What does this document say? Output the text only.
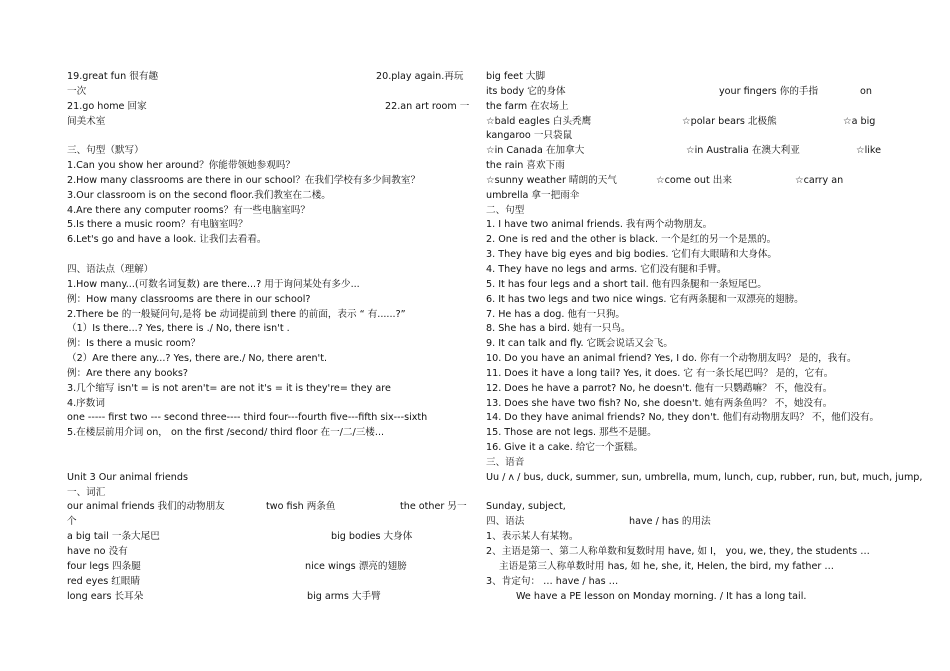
19.great fun 很有趣	20.play again.再玩
一次
21.go home 回家	22.an art room 一
间美术室
三、句型（默写）
1.Can you show her around？你能带领她参观吗？
2.How many classrooms are there in our school？在我们学校有多少间教室？
3.Our classroom is on the second floor.我们教室在二楼。
4.Are there any computer rooms？有一些电脑室吗？
5.Is there a music room？有电脑室吗？
6.Let's go and have a look. 让我们去看看。
四、语法点（理解）
1.How many...(可数名词复数) are there...? 用于询问某处有多少...
例：How many classrooms are there in our school?
2.There be 的一般疑问句,是将 be 动词提前到 there 的前面，表示 “ 有......?”
（1）Is there...? Yes, there is ./ No, there isn't .
例：Is there a music room？
（2）Are there any...? Yes, there are./ No, there aren't.
例：Are there any books?
3.几个缩写 isn't = is not aren't= are not it's = it is they're= they are
4.序数词
one ----- first two --- second three---- third four---fourth five---fifth six---sixth
5.在楼层前用介词 on， on the first /second/ third floor 在一/二/三楼...
Unit 3 Our animal friends
一、词汇
our animal friends 我们的动物朋友	two fish 两条鱼	the other 另一
个
a big tail 一条大尾巴	big bodies 大身体
have no 没有
four legs 四条腿	nice wings 漂亮的翅膀
red eyes 红眼睛
long ears 长耳朵	big arms 大手臂
big feet 大脚
its body 它的身体	your fingers 你的手指	on
the farm 在农场上
☆bald eagles 白头秃鹰	☆polar bears 北极熊	☆a big
kangaroo 一只袋鼠
☆in Canada 在加拿大	☆in Australia 在澳大利亚	☆like
the rain 喜欢下雨
☆sunny weather 晴朗的天气	☆come out 出来	☆carry an
umbrella 拿一把雨伞
二、句型
1. I have two animal friends. 我有两个动物朋友。
2. One is red and the other is black. 一个是红的另一个是黑的。
3. They have big eyes and big bodies. 它们有大眼睛和大身体。
4. They have no legs and arms. 它们没有腿和手臂。
5. It has four legs and a short tail. 他有四条腿和一条短尾巴。
6. It has two legs and two nice wings. 它有两条腿和一双漂亮的翅膀。
7. He has a dog. 他有一只狗。
8. She has a bird. 她有一只鸟。
9. It can talk and fly. 它既会说话又会飞。
10. Do you have an animal friend? Yes, I do. 你有一个动物朋友吗？ 是的，我有。
11. Does it have a long tail? Yes, it does. 它 有一条长尾巴吗？ 是的，它有。
12. Does he have a parrot? No, he doesn't. 他有一只鹦鹉嘛？ 不，他没有。
13. Does she have two fish? No, she doesn't. 她有两条鱼吗？ 不，她没有。
14. Do they have animal friends? No, they don't. 他们有动物朋友吗？ 不，他们没有。
15. Those are not legs. 那些不是腿。
16. Give it a cake. 给它一个蛋糕。
三、语音
Uu / ʌ / bus, duck, summer, sun, umbrella, mum, lunch, cup, rubber, run, but, much, jump,
Sunday, subject,
四、语法	have / has 的用法
1、表示某人有某物。
2、主语是第一、第二人称单数和复数时用 have, 如 I， you, we, they, the students …
主语是第三人称单数时用 has, 如 he, she, it, Helen, the bird, my father …
3、肯定句： … have / has …
We have a PE lesson on Monday morning. / It has a long tail.
